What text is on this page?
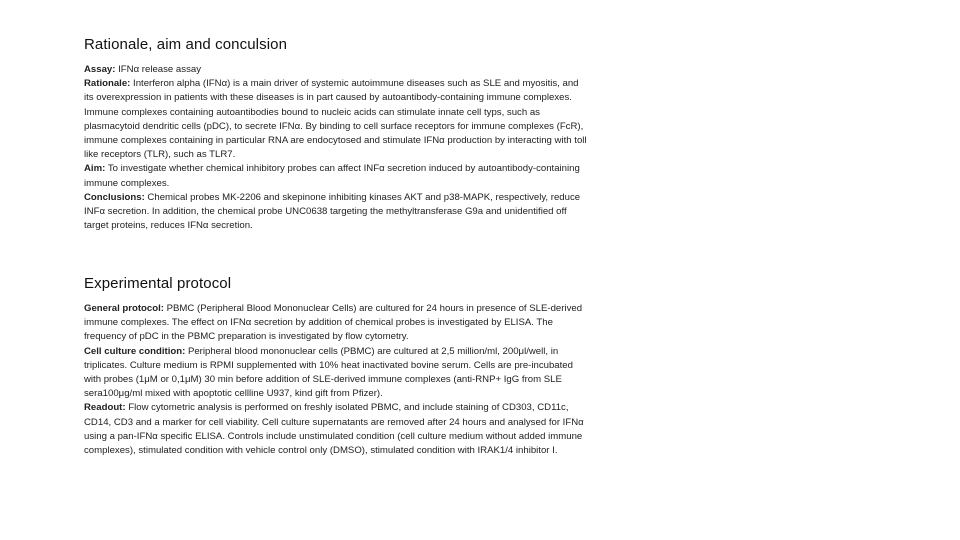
Rationale, aim and conculsion

Assay: IFNα release assay

Rationale: Interferon alpha (IFNα) is a main driver of systemic autoimmune diseases such as SLE and myositis, and its overexpression in patients with these diseases is in part caused by autoantibody-containing immune complexes. Immune complexes containing autoantibodies bound to nucleic acids can stimulate innate cell typs, such as plasmacytoid dendritic cells (pDC), to secrete IFNα. By binding to cell surface receptors for immune complexes (FcR), immune complexes containing in particular RNA are endocytosed and stimulate IFNα production by interacting with toll like receptors (TLR), such as TLR7.

Aim: To investigate whether chemical inhibitory probes can affect INFα secretion induced by autoantibody-containing immune complexes.

Conclusions: Chemical probes MK-2206 and skepinone inhibiting kinases AKT and p38-MAPK, respectively, reduce INFα secretion. In addition, the chemical probe UNC0638 targeting the methyltransferase G9a and unidentified off target proteins, reduces IFNα secretion.

Experimental protocol

General protocol: PBMC (Peripheral Blood Mononuclear Cells) are cultured for 24 hours in presence of SLE-derived immune complexes. The effect on IFNα secretion by addition of chemical probes is investigated by ELISA. The frequency of pDC in the PBMC preparation is investigated by flow cytometry.

Cell culture condition: Peripheral blood mononuclear cells (PBMC) are cultured at 2,5 million/ml, 200μl/well, in triplicates. Culture medium is RPMI supplemented with 10% heat inactivated bovine serum. Cells are pre-incubated with probes (1μM or 0,1μM) 30 min before addition of SLE-derived immune complexes (anti-RNP+ IgG from SLE sera100μg/ml mixed with apoptotic cellline U937, kind gift from Pfizer).

Readout: Flow cytometric analysis is performed on freshly isolated PBMC, and include staining of CD303, CD11c, CD14, CD3 and a marker for cell viability. Cell culture supernatants are removed after 24 hours and analysed for IFNα using a pan-IFNα specific ELISA. Controls include unstimulated condition (cell culture medium without added immune complexes), stimulated condition with vehicle control only (DMSO), stimulated condition with IRAK1/4 inhibitor I.
